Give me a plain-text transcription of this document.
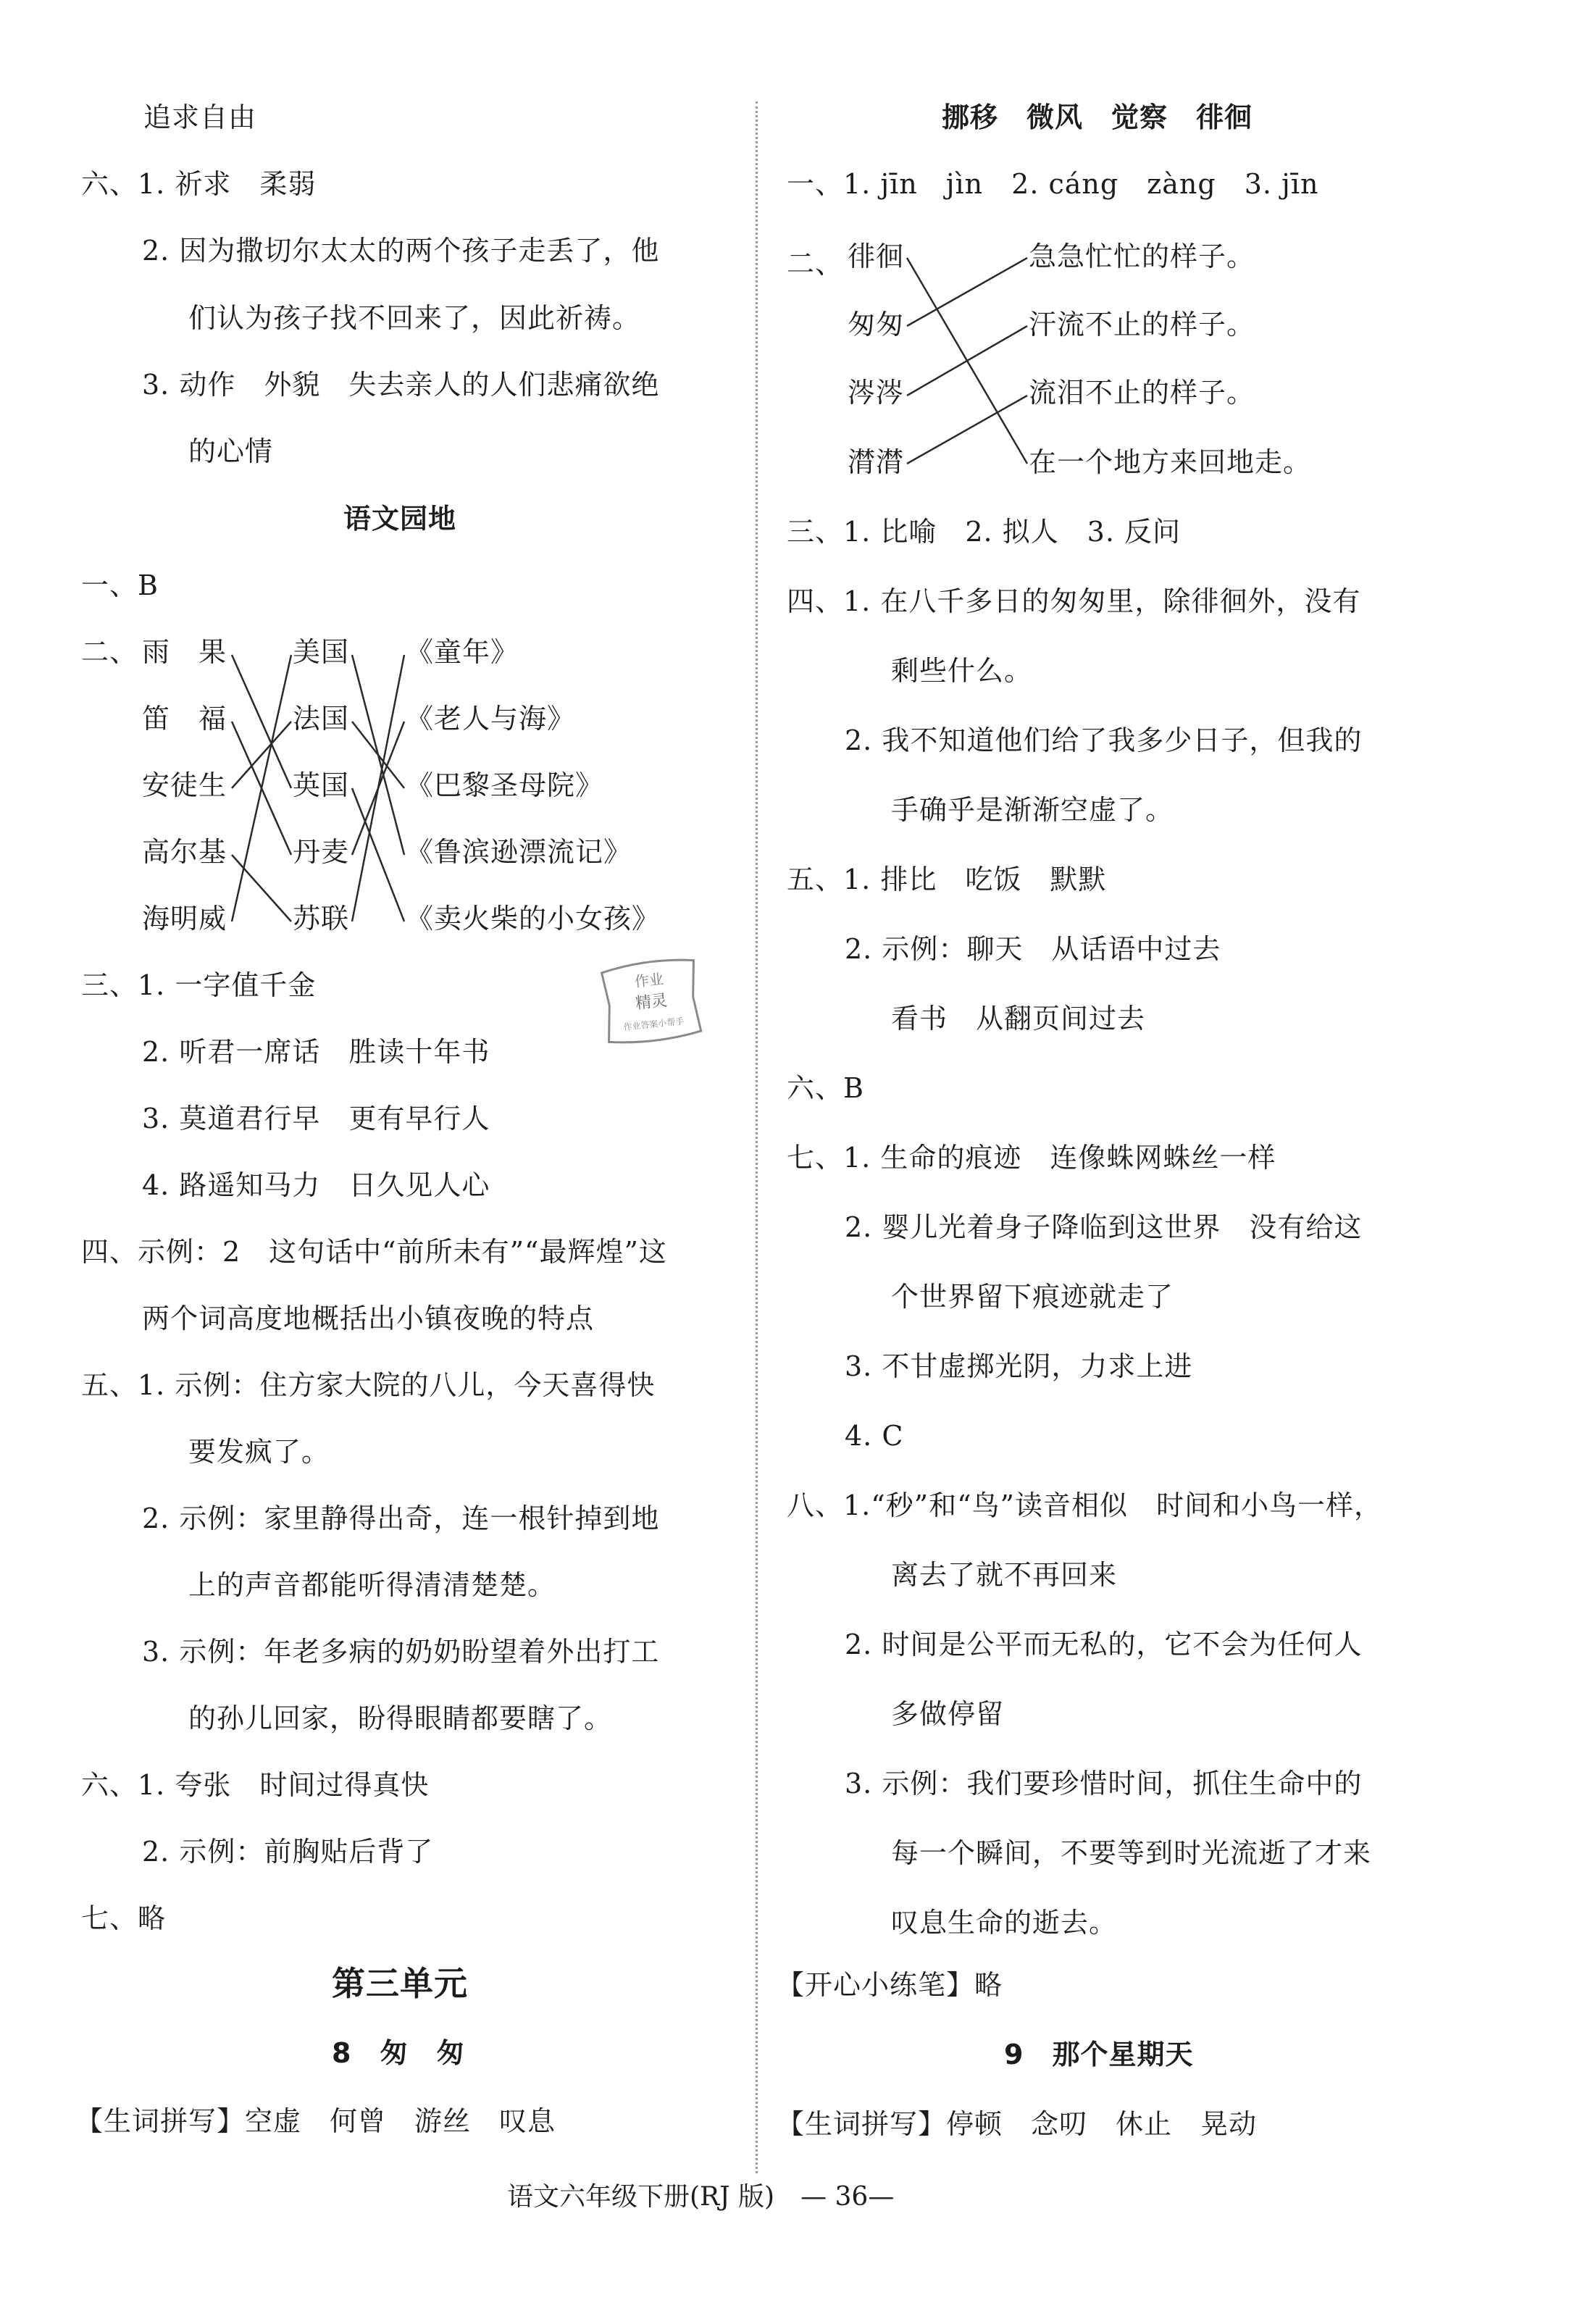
追求自由
六、1. 祈求　柔弱
2. 因为撒切尔太太的两个孩子走丢了，他
们认为孩子找不回来了，因此祈祷。
3. 动作　外貌　失去亲人的人们悲痛欲绝
的心情
语文园地
一、B
二、 雨　果
笛　福
安徒生
高尔基
海明威
美国
法国
英国
丹麦
苏联
《童年》
《老人与海》
《巴黎圣母院》
《鲁滨逊漂流记》
《卖火柴的小女孩》
作业
精灵
作业答案小帮手
三、1. 一字值千金
2. 听君一席话　胜读十年书
3. 莫道君行早　更有早行人
4. 路遥知马力　日久见人心
四、示例：2　这句话中“前所未有”“最辉煌”这
两个词高度地概括出小镇夜晚的特点
五、1. 示例：住方家大院的八儿，今天喜得快
要发疯了。
2. 示例：家里静得出奇，连一根针掉到地
上的声音都能听得清清楚楚。
3. 示例：年老多病的奶奶盼望着外出打工
的孙儿回家，盼得眼睛都要瞎了。
六、1. 夸张　时间过得真快
2. 示例：前胸贴后背了
七、略
第三单元
8　匆　匆
【生词拼写】空虚　何曾　游丝　叹息
挪移　微风　觉察　徘徊
一、1. jīn　jìn　2. cáng　zàng　3. jīn
二、 徘徊
匆匆
涔涔
潸潸
急急忙忙的样子。
汗流不止的样子。
流泪不止的样子。
在一个地方来回地走。
三、1. 比喻　2. 拟人　3. 反问
四、1. 在八千多日的匆匆里，除徘徊外，没有
剩些什么。
2. 我不知道他们给了我多少日子，但我的
手确乎是渐渐空虚了。
五、1. 排比　吃饭　默默
2. 示例：聊天　从话语中过去
看书　从翻页间过去
六、B
七、1. 生命的痕迹　连像蛛网蛛丝一样
2. 婴儿光着身子降临到这世界　没有给这
个世界留下痕迹就走了
3. 不甘虚掷光阴，力求上进
4. C
八、1.“秒”和“鸟”读音相似　时间和小鸟一样，
离去了就不再回来
2. 时间是公平而无私的，它不会为任何人
多做停留
3. 示例：我们要珍惜时间，抓住生命中的
每一个瞬间，不要等到时光流逝了才来
叹息生命的逝去。
【开心小练笔】略
9　那个星期天
【生词拼写】停顿　念叨　休止　晃动
语文六年级下册(RJ 版)　— 36—
